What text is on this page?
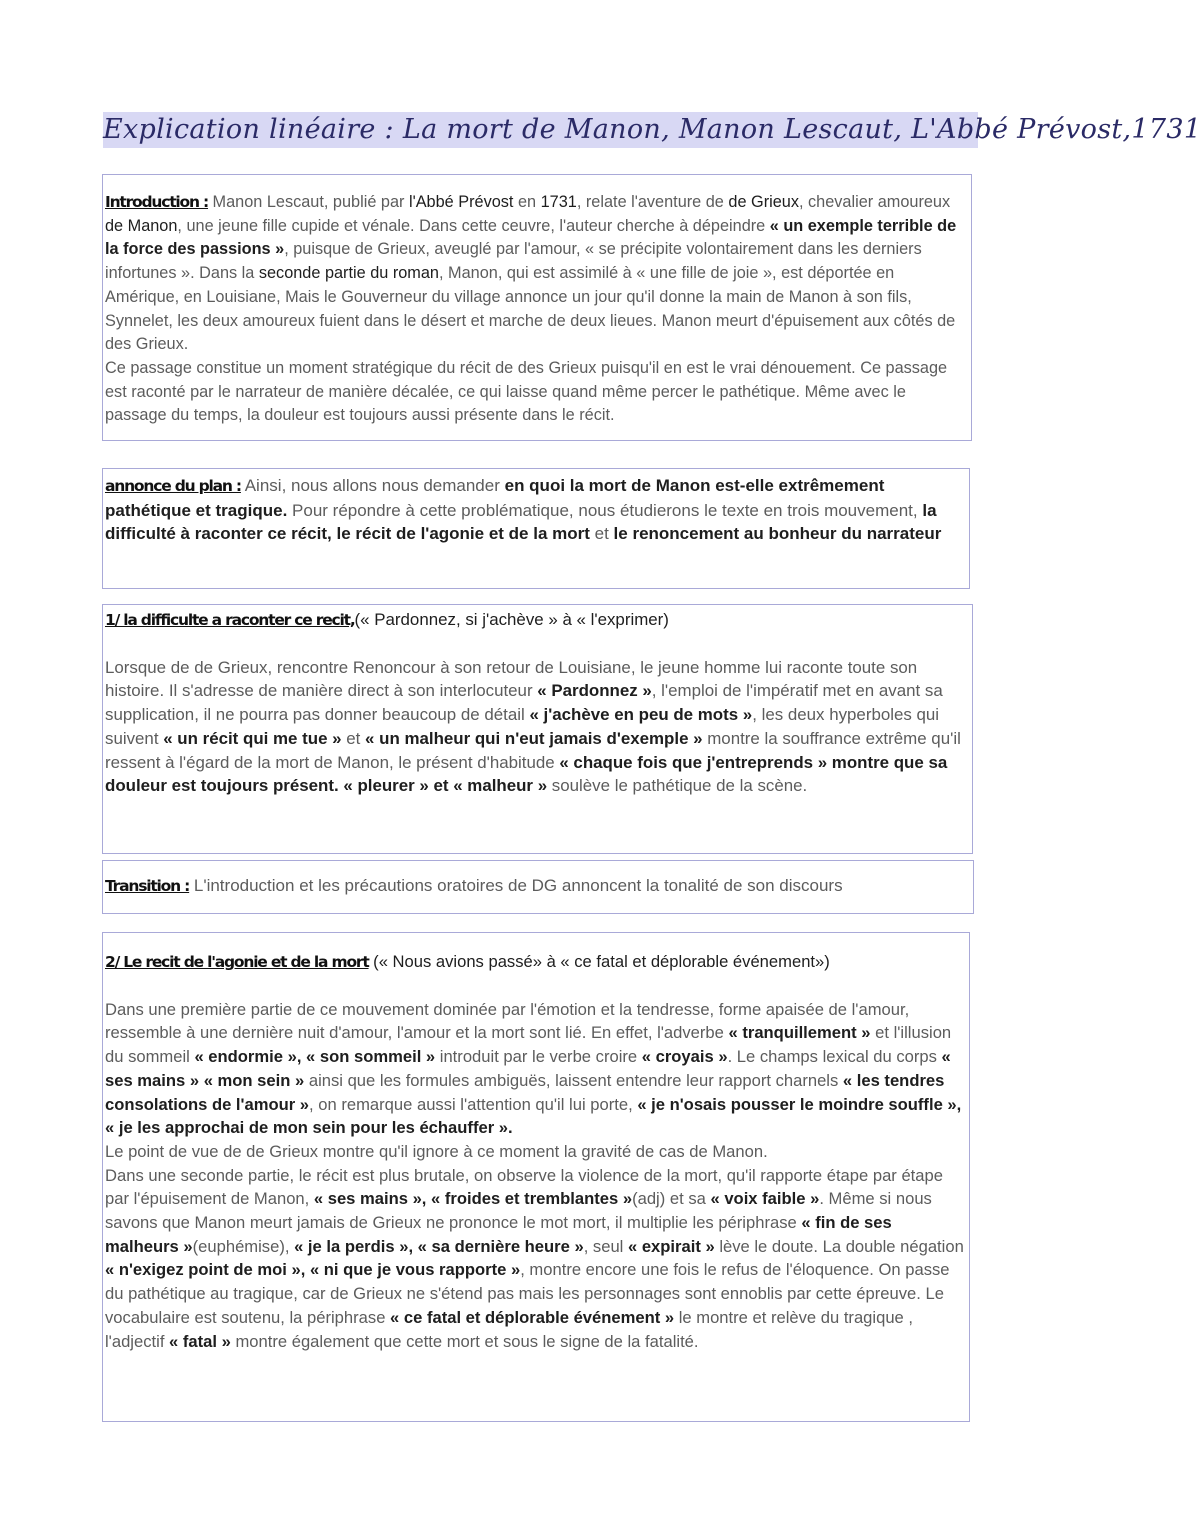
Explication linéaire : La mort de Manon, Manon Lescaut, L'Abbé Prévost,1731

Introduction : Manon Lescaut, publié par l'Abbé Prévost en 1731, relate l'aventure de de Grieux, chevalier amoureux de Manon, une jeune fille cupide et vénale. Dans cette ceuvre, l'auteur cherche à dépeindre « un exemple terrible de la force des passions », puisque de Grieux, aveuglé par l'amour, « se précipite volontairement dans les derniers infortunes ». Dans la seconde partie du roman, Manon, qui est assimilé à « une fille de joie », est déportée en Amérique, en Louisiane, Mais le Gouverneur du village annonce un jour qu'il donne la main de Manon à son fils, Synnelet, les deux amoureux fuient dans le désert et marche de deux lieues. Manon meurt d'épuisement aux côtés de des Grieux.

Ce passage constitue un moment stratégique du récit de des Grieux puisqu'il en est le vrai dénouement. Ce passage est raconté par le narrateur de manière décalée, ce qui laisse quand même percer le pathétique. Même avec le passage du temps, la douleur est toujours aussi présente dans le récit.

annonce du plan : Ainsi, nous allons nous demander en quoi la mort de Manon est-elle extrêmement pathétique et tragique. Pour répondre à cette problématique, nous étudierons le texte en trois mouvement, la difficulté à raconter ce récit, le récit de l'agonie et de la mort et le renoncement au bonheur du narrateur

1/ la difficulte a raconter ce recit,(« Pardonnez, si j'achève » à « l'exprimer)

Lorsque de de Grieux, rencontre Renoncour à son retour de Louisiane, le jeune homme lui raconte toute son histoire. Il s'adresse de manière direct à son interlocuteur « Pardonnez », l'emploi de l'impératif met en avant sa supplication, il ne pourra pas donner beaucoup de détail « j'achève en peu de mots », les deux hyperboles qui suivent « un récit qui me tue » et « un malheur qui n'eut jamais d'exemple » montre la souffrance extrême qu'il ressent à l'égard de la mort de Manon, le présent d'habitude « chaque fois que j'entreprends » montre que sa douleur est toujours présent. « pleurer » et « malheur » soulève le pathétique de la scène.

Transition : L'introduction et les précautions oratoires de DG annoncent la tonalité de son discours

2/ Le recit de l'agonie et de la mort (« Nous avions passé» à « ce fatal et déplorable événement»)

Dans une première partie de ce mouvement dominée par l'émotion et la tendresse, forme apaisée de l'amour, ressemble à une dernière nuit d'amour, l'amour et la mort sont lié. En effet, l'adverbe « tranquillement » et l'illusion du sommeil « endormie », « son sommeil » introduit par le verbe croire « croyais ». Le champs lexical du corps « ses mains » « mon sein » ainsi que les formules ambiguës, laissent entendre leur rapport charnels « les tendres consolations de l'amour », on remarque aussi l'attention qu'il lui porte, « je n'osais pousser le moindre souffle », « je les approchai de mon sein pour les échauffer ».

Le point de vue de de Grieux montre qu'il ignore à ce moment la gravité de cas de Manon.

Dans une seconde partie, le récit est plus brutale, on observe la violence de la mort, qu'il rapporte étape par étape par l'épuisement de Manon, « ses mains », « froides et tremblantes »(adj) et sa « voix faible ». Même si nous savons que Manon meurt jamais de Grieux ne prononce le mot mort, il multiplie les périphrase « fin de ses malheurs »(euphémise), « je la perdis », « sa dernière heure », seul « expirait » lève le doute. La double négation « n'exigez point de moi », « ni que je vous rapporte », montre encore une fois le refus de l'éloquence. On passe du pathétique au tragique, car de Grieux ne s'étend pas mais les personnages sont ennoblis par cette épreuve. Le vocabulaire est soutenu, la périphrase « ce fatal et déplorable événement » le montre et relève du tragique , l'adjectif « fatal » montre également que cette mort et sous le signe de la fatalité.
